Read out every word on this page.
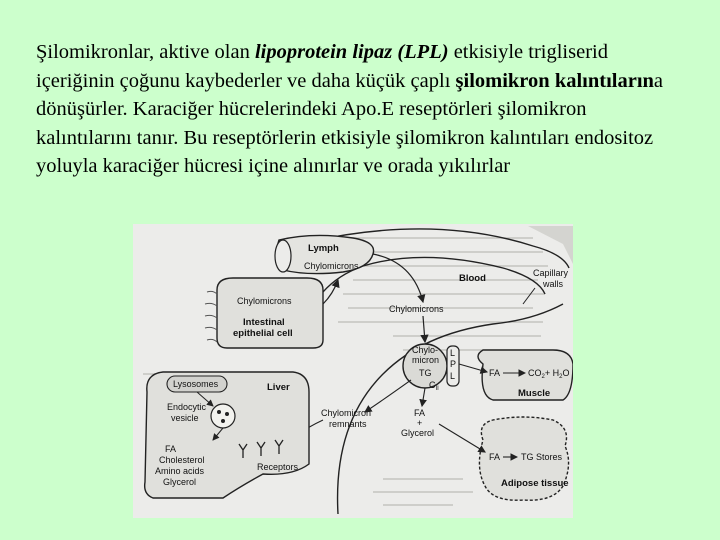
Şilomikronlar, aktive olan lipoprotein lipaz (LPL) etkisiyle trigliserid içeriğinin çoğunu kaybederler ve daha küçük çaplı şilomikron kalıntılarına dönüşürler. Karaciğer hücrelerindeki Apo.E reseptörleri şilomikron kalıntılarını tanır. Bu reseptörlerin etkisiyle şilomikron kalıntıları endositoz yoluyla karaciğer hücresi içine alınırlar ve orada yıkılırlar

Lymph
Chylomicrons
Chylomicrons
Intestinal
epithelial cell
Blood	Capillary
walls
Chylomicrons
Chylo-
micron
TG
$C_{II}$
L
P
L	FA	$CO_2+ H_2O$
Muscle
FA
+
Glycerol
FA TG Stores
Adipose tissue
Chylomicron
remnants
Lysosomes	Liver
Endocytic
vesicle
FA
Cholesterol
Amino acids
Glycerol
Receptors
